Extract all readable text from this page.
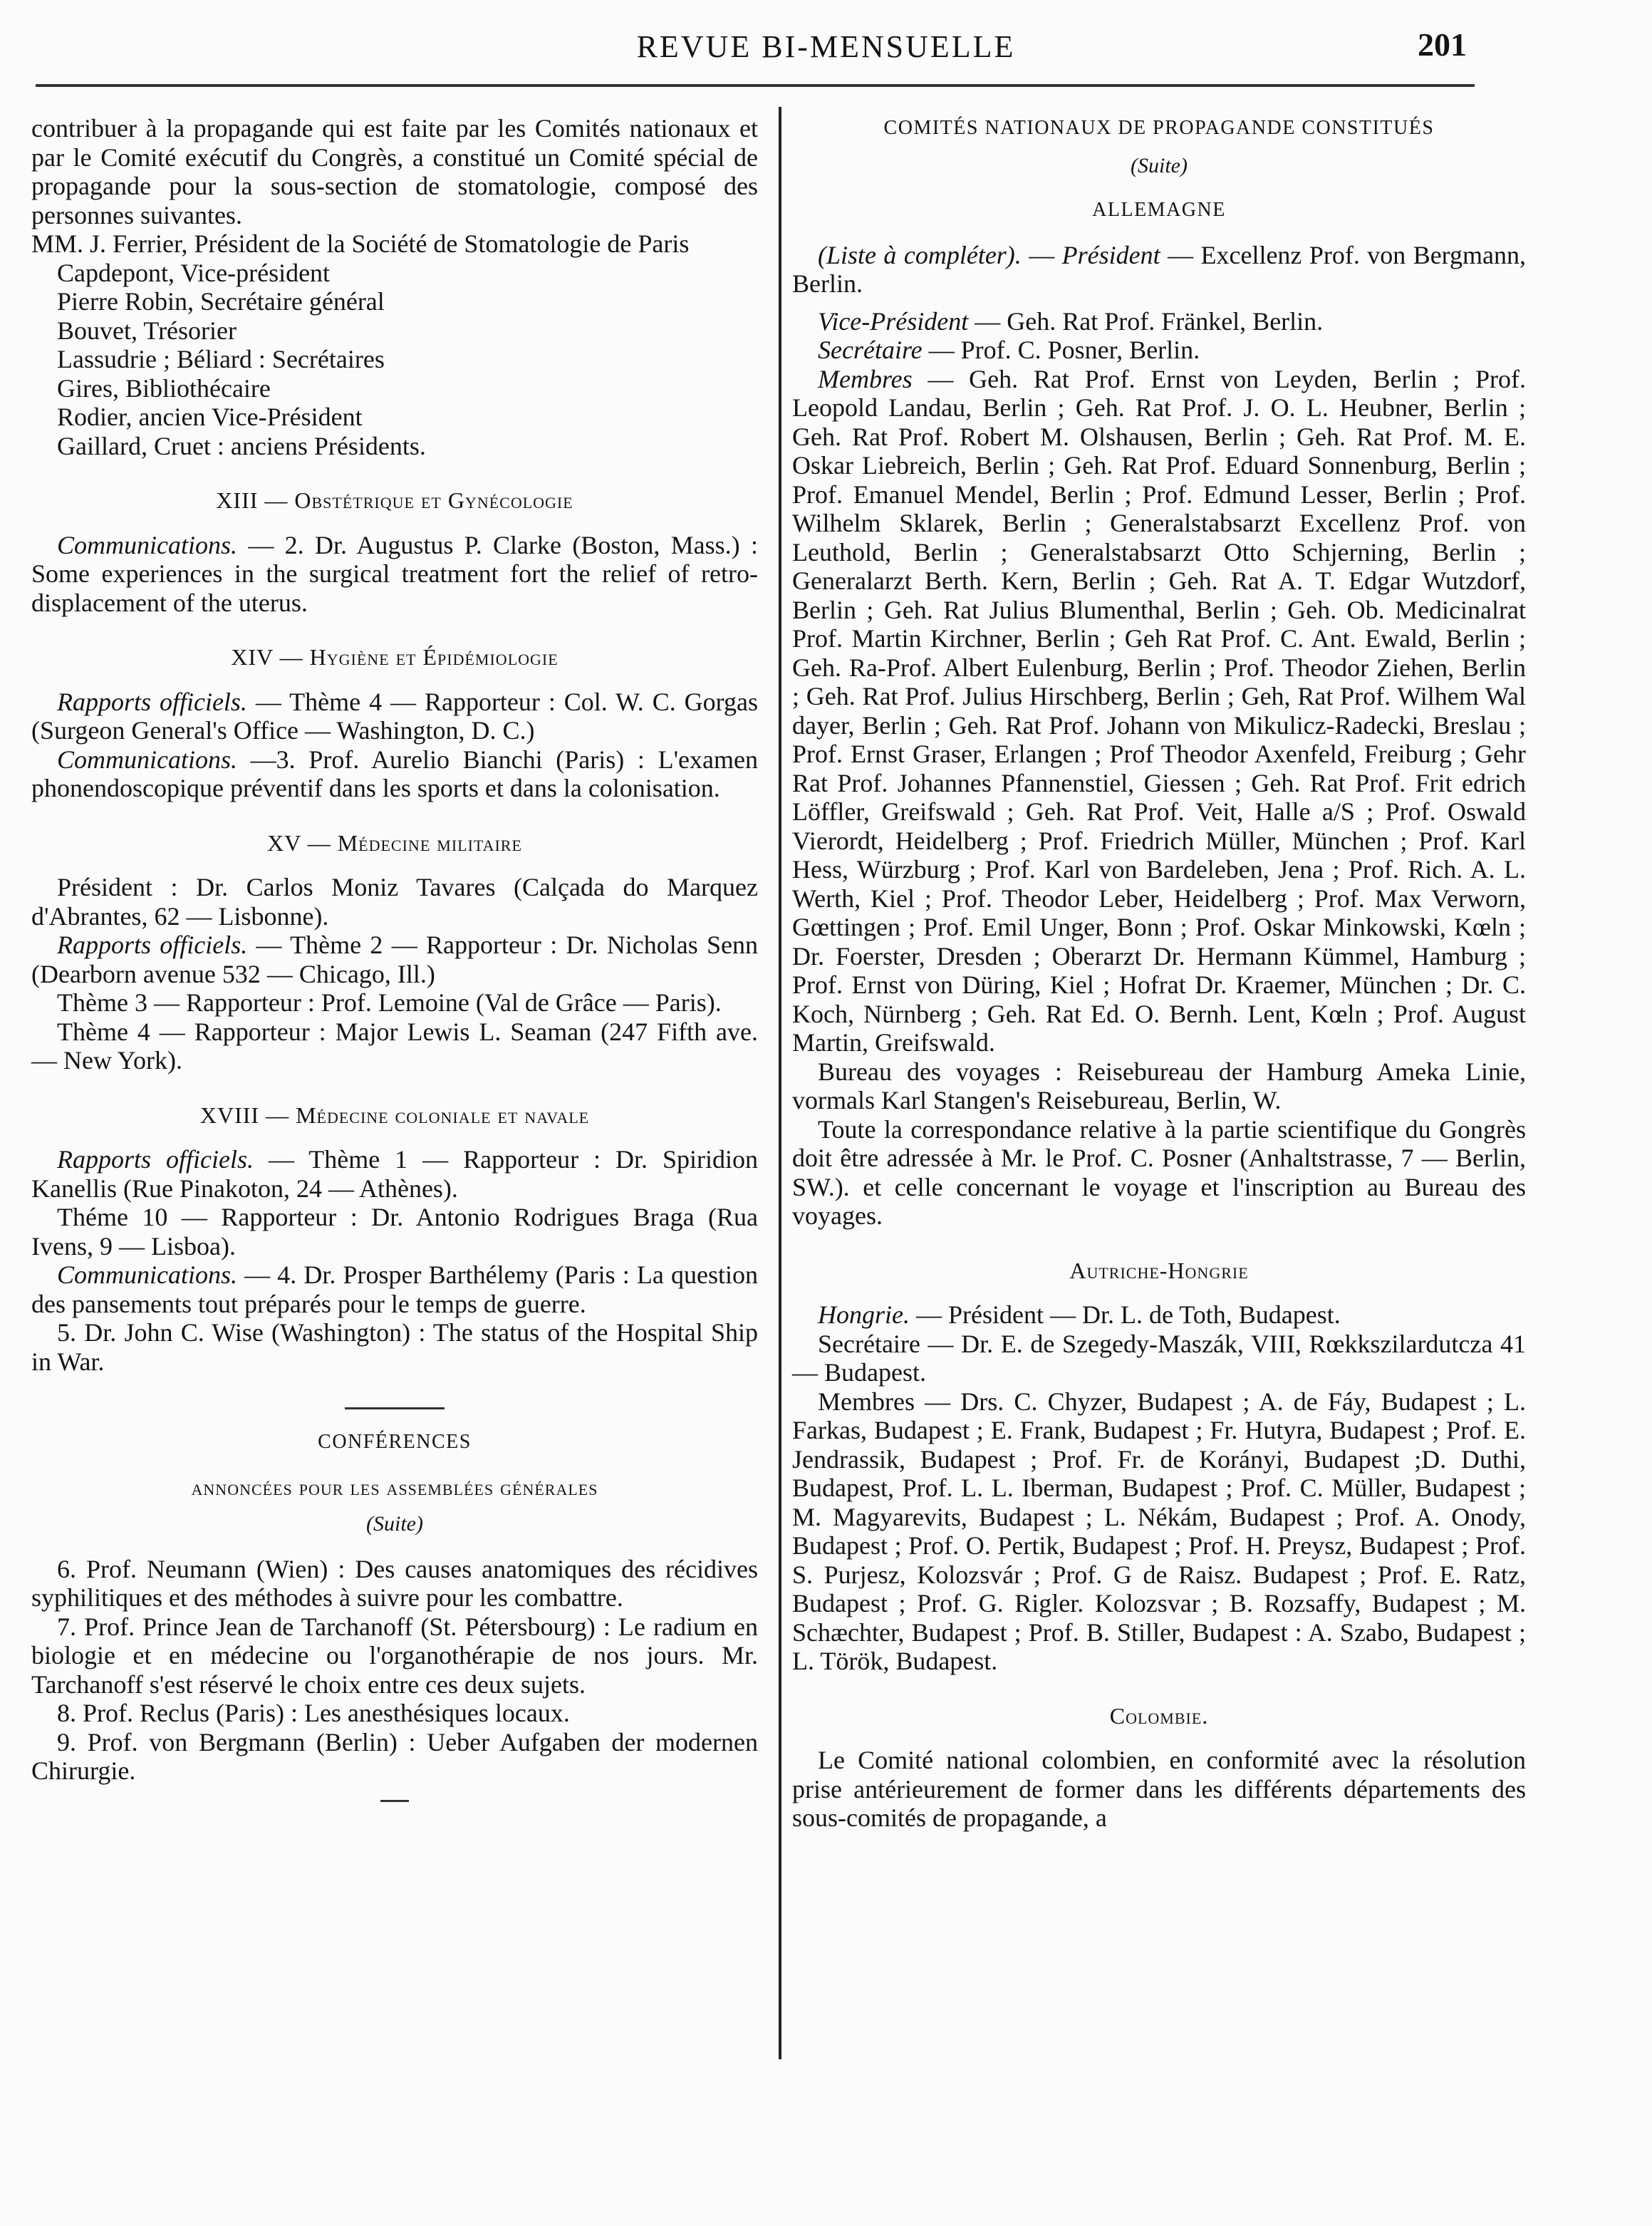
REVUE BI-MENSUELLE	201

contribuer à la propagande qui est faite par les Comités nationaux et par le Comité exécutif du Congrès, a constitué un Comité spécial de propagande pour la sous-section de stomatologie, composé des personnes suivantes.

MM. J. Ferrier, Président de la Société de Stomatologie de Paris

Capdepont, Vice-président

Pierre Robin, Secrétaire général

Bouvet, Trésorier

Lassudrie ; Béliard : Secrétaires

Gires, Bibliothécaire

Rodier, ancien Vice-Président

Gaillard, Cruet : anciens Présidents.

XIII — Obstétrique et Gynécologie

Communications. — 2. Dr. Augustus P. Clarke (Boston, Mass.) : Some experiences in the surgical treatment fort the relief of retro-displacement of the uterus.

XIV — Hygiène et Épidémiologie

Rapports officiels. — Thème 4 — Rapporteur : Col. W. C. Gorgas (Surgeon General's Office — Washington, D. C.)

Communications. —3. Prof. Aurelio Bianchi (Paris) : L'examen phonendoscopique préventif dans les sports et dans la colonisation.

XV — Médecine militaire

Président : Dr. Carlos Moniz Tavares (Calçada do Marquez d'Abrantes, 62 — Lisbonne).

Rapports officiels. — Thème 2 — Rapporteur : Dr. Nicholas Senn (Dearborn avenue 532 — Chicago, Ill.)

Thème 3 — Rapporteur : Prof. Lemoine (Val de Grâce — Paris).

Thème 4 — Rapporteur : Major Lewis L. Seaman (247 Fifth ave. — New York).

XVIII — Médecine coloniale et navale

Rapports officiels. — Thème 1 — Rapporteur : Dr. Spiridion Kanellis (Rue Pinakoton, 24 — Athènes).

Théme 10 — Rapporteur : Dr. Antonio Rodrigues Braga (Rua Ivens, 9 — Lisboa).

Communications. — 4. Dr. Prosper Barthélemy (Paris : La question des pansements tout préparés pour le temps de guerre.

5. Dr. John C. Wise (Washington) : The status of the Hospital Ship in War.

CONFÉRENCES

annoncées pour les assemblées générales

(Suite)

6. Prof. Neumann (Wien) : Des causes anatomiques des récidives syphilitiques et des méthodes à suivre pour les combattre.

7. Prof. Prince Jean de Tarchanoff (St. Pétersbourg) : Le radium en biologie et en médecine ou l'organothérapie de nos jours. Mr. Tarchanoff s'est réservé le choix entre ces deux sujets.

8. Prof. Reclus (Paris) : Les anesthésiques locaux.

9. Prof. von Bergmann (Berlin) : Ueber Aufgaben der modernen Chirurgie.

COMITÉS NATIONAUX DE PROPAGANDE CONSTITUÉS

(Suite)

ALLEMAGNE

(Liste à compléter). — Président — Excellenz Prof. von Bergmann, Berlin.

Vice-Président — Geh. Rat Prof. Fränkel, Berlin.

Secrétaire — Prof. C. Posner, Berlin.

Membres — Geh. Rat Prof. Ernst von Leyden, Berlin ; Prof. Leopold Landau, Berlin ; Geh. Rat Prof. J. O. L. Heubner, Berlin ; Geh. Rat Prof. Robert M. Olshausen, Berlin ; Geh. Rat Prof. M. E. Oskar Liebreich, Berlin ; Geh. Rat Prof. Eduard Sonnenburg, Berlin ; Prof. Emanuel Mendel, Berlin ; Prof. Edmund Lesser, Berlin ; Prof. Wilhelm Sklarek, Berlin ; Generalstabsarzt Excellenz Prof. von Leuthold, Berlin ; Generalstabsarzt Otto Schjerning, Berlin ; Generalarzt Berth. Kern, Berlin ; Geh. Rat A. T. Edgar Wutzdorf, Berlin ; Geh. Rat Julius Blumenthal, Berlin ; Geh. Ob. Medicinalrat Prof. Martin Kirchner, Berlin ; Geh Rat Prof. C. Ant. Ewald, Berlin ; Geh. Ra-Prof. Albert Eulenburg, Berlin ; Prof. Theodor Ziehen, Berlin ; Geh. Rat Prof. Julius Hirschberg, Berlin ; Geh, Rat Prof. Wilhem Wal dayer, Berlin ; Geh. Rat Prof. Johann von Mikulicz-Radecki, Breslau ; Prof. Ernst Graser, Erlangen ; Prof Theodor Axenfeld, Freiburg ; Gehr Rat Prof. Johannes Pfannenstiel, Giessen ; Geh. Rat Prof. Frit edrich Löffler, Greifswald ; Geh. Rat Prof. Veit, Halle a/S ; Prof. Oswald Vierordt, Heidelberg ; Prof. Friedrich Müller, München ; Prof. Karl Hess, Würzburg ; Prof. Karl von Bardeleben, Jena ; Prof. Rich. A. L. Werth, Kiel ; Prof. Theodor Leber, Heidelberg ; Prof. Max Verworn, Gœttingen ; Prof. Emil Unger, Bonn ; Prof. Oskar Minkowski, Kœln ; Dr. Foerster, Dresden ; Oberarzt Dr. Hermann Kümmel, Hamburg ; Prof. Ernst von Düring, Kiel ; Hofrat Dr. Kraemer, München ; Dr. C. Koch, Nürnberg ; Geh. Rat Ed. O. Bernh. Lent, Kœln ; Prof. August Martin, Greifswald.

Bureau des voyages : Reisebureau der Hamburg Ameka Linie, vormals Karl Stangen's Reisebureau, Berlin, W.

Toute la correspondance relative à la partie scientifique du Gongrès doit être adressée à Mr. le Prof. C. Posner (Anhaltstrasse, 7 — Berlin, SW.). et celle concernant le voyage et l'inscription au Bureau des voyages.

Autriche-Hongrie

Hongrie. — Président — Dr. L. de Toth, Budapest.

Secrétaire — Dr. E. de Szegedy-Maszák, VIII, Rœkkszilardutcza 41 — Budapest.

Membres — Drs. C. Chyzer, Budapest ; A. de Fáy, Budapest ; L. Farkas, Budapest ; E. Frank, Budapest ; Fr. Hutyra, Budapest ; Prof. E. Jendrassik, Budapest ; Prof. Fr. de Korányi, Budapest ;D. Duthi, Budapest, Prof. L. L. Iberman, Budapest ; Prof. C. Müller, Budapest ; M. Magyarevits, Budapest ; L. Nékám, Budapest ; Prof. A. Onody, Budapest ; Prof. O. Pertik, Budapest ; Prof. H. Preysz, Budapest ; Prof. S. Purjesz, Kolozsvár ; Prof. G de Raisz. Budapest ; Prof. E. Ratz, Budapest ; Prof. G. Rigler. Kolozsvar ; B. Rozsaffy, Budapest ; M. Schæchter, Budapest ; Prof. B. Stiller, Budapest : A. Szabo, Budapest ; L. Török, Budapest.

Colombie.

Le Comité national colombien, en conformité avec la résolution prise antérieurement de former dans les différents départements des sous-comités de propagande, a
